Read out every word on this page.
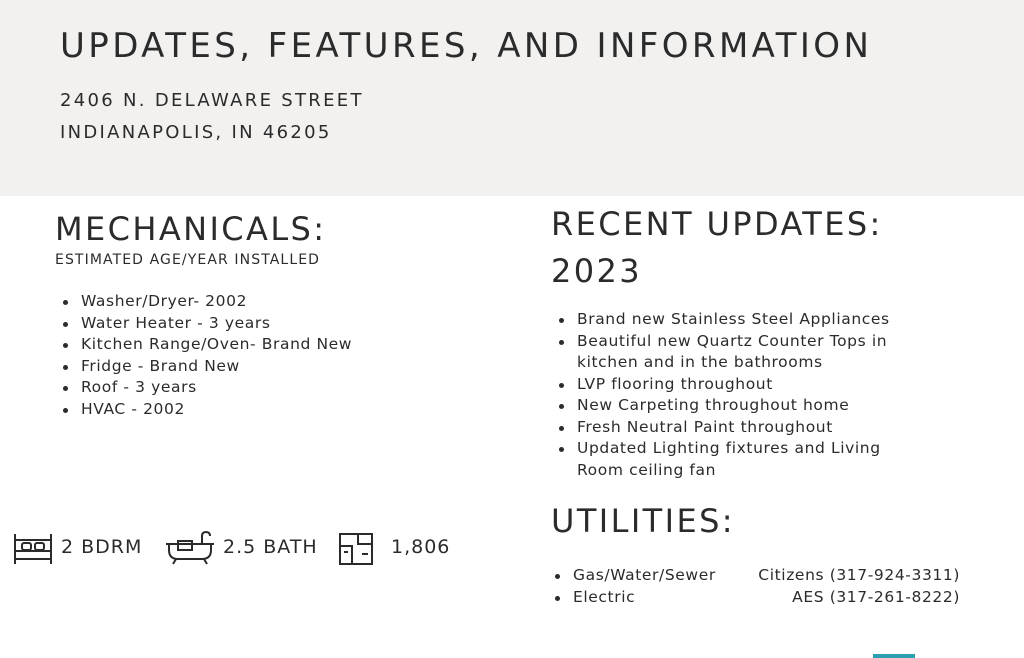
UPDATES, FEATURES, AND INFORMATION
2406 N. DELAWARE STREET
INDIANAPOLIS, IN 46205
MECHANICALS:
ESTIMATED AGE/YEAR INSTALLED
Washer/Dryer- 2002
Water Heater - 3 years
Kitchen Range/Oven- Brand New
Fridge - Brand New
Roof - 3 years
HVAC - 2002
RECENT UPDATES:
2023
Brand new Stainless Steel Appliances
Beautiful new Quartz Counter Tops in kitchen and in the bathrooms
LVP flooring throughout
New Carpeting throughout home
Fresh Neutral Paint throughout
Updated Lighting fixtures and Living Room ceiling fan
UTILITIES:
Gas/Water/Sewer	Citizens (317-924-3311)
Electric	AES (317-261-8222)
2 BDRM	2.5 BATH	1,806
